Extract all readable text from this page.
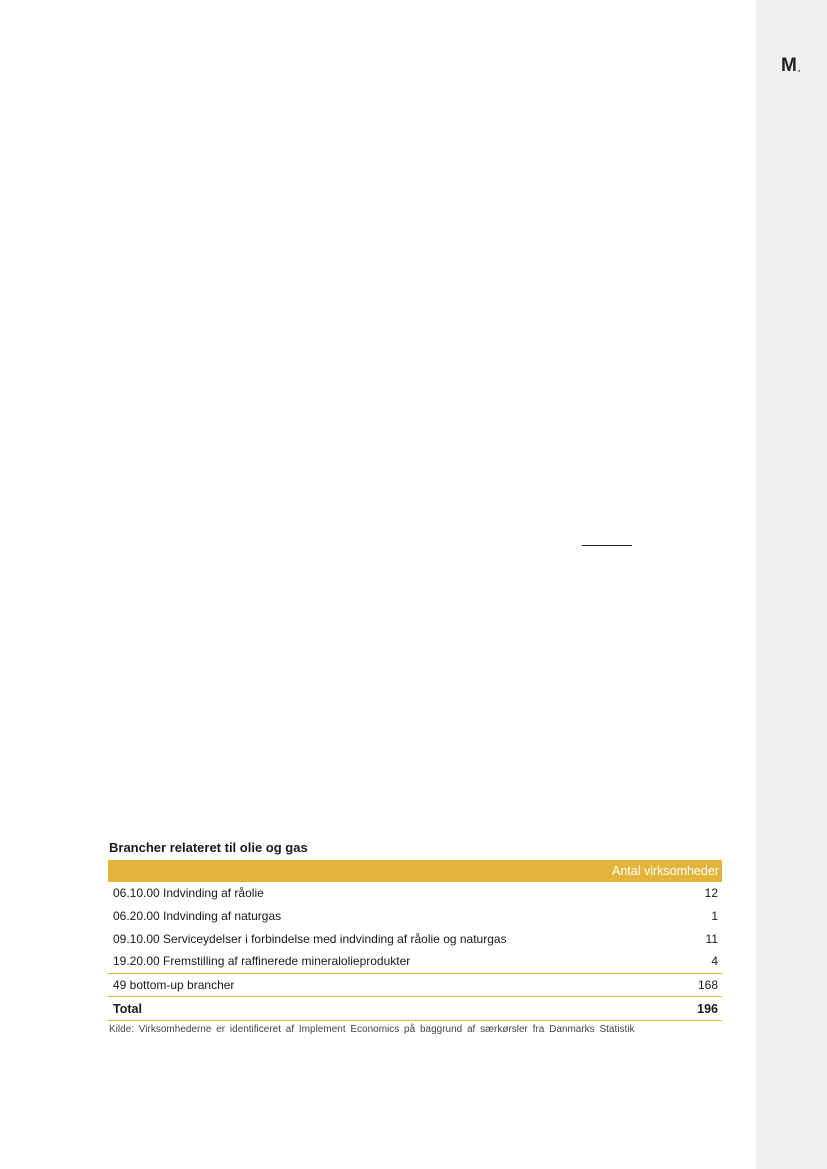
M
Brancher relateret til olie og gas
	Antal virksomheder
06.10.00 Indvinding af råolie	12
06.20.00 Indvinding af naturgas	1
09.10.00 Serviceydelser i forbindelse med indvinding af råolie og naturgas	11
19.20.00 Fremstilling af raffinerede mineralolieprodukter	4
49 bottom-up brancher	168
Total	196
Kilde: Virksomhederne er identificeret af Implement Economics på baggrund af særkørsler fra Danmarks Statistik
